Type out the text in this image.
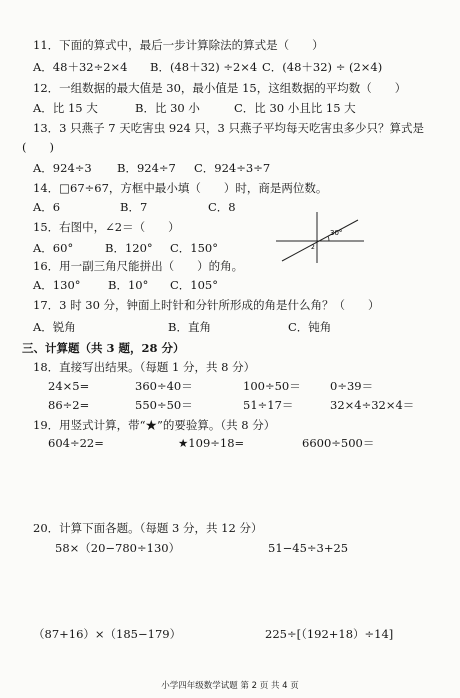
11．下面的算式中，最后一步计算除法的算式是（　　）
A．48＋32÷2×4 B．(48＋32) ÷2×4 C．(48＋32) ÷ (2×4)
12．一组数据的最大值是 30，最小值是 15，这组数据的平均数（　　）
A．比 15 大	B．比 30 小	C．比 30 小且比 15 大
13．3 只燕子 7 天吃害虫 924 只，3 只燕子平均每天吃害虫多少只？算式是
(　　)
A．924÷3 B．924÷7 C．924÷3÷7
14．□67÷67，方框中最小填（　　）时，商是两位数。
A．6	B．7	C．8
15．右图中，∠2＝（　　）
A．60°	B．120° C．150°
30°
2
16．用一副三角尺能拼出（　　）的角。
A．130° B．10° C．105°
17．3 时 30 分，钟面上时针和分针所形成的角是什么角？（　　）
A．锐角	B．直角	C．钝角
三、计算题（共 3 题，28 分）
18．直接写出结果。（每题 1 分，共 8 分）
24×5=	360÷40＝	100÷50＝	0÷39＝
86÷2=	550÷50＝	51÷17＝	32×4÷32×4＝
19．用竖式计算，带“★”的要验算。（共 8 分）
604÷22=	★109÷18=	6600÷500＝
20．计算下面各题。（每题 3 分，共 12 分）
58×（20−780÷130）	51−45÷3+25
（87+16）×（185−179）	225÷[（192+18）÷14]
小学四年级数学试题 第 2 页 共 4 页
